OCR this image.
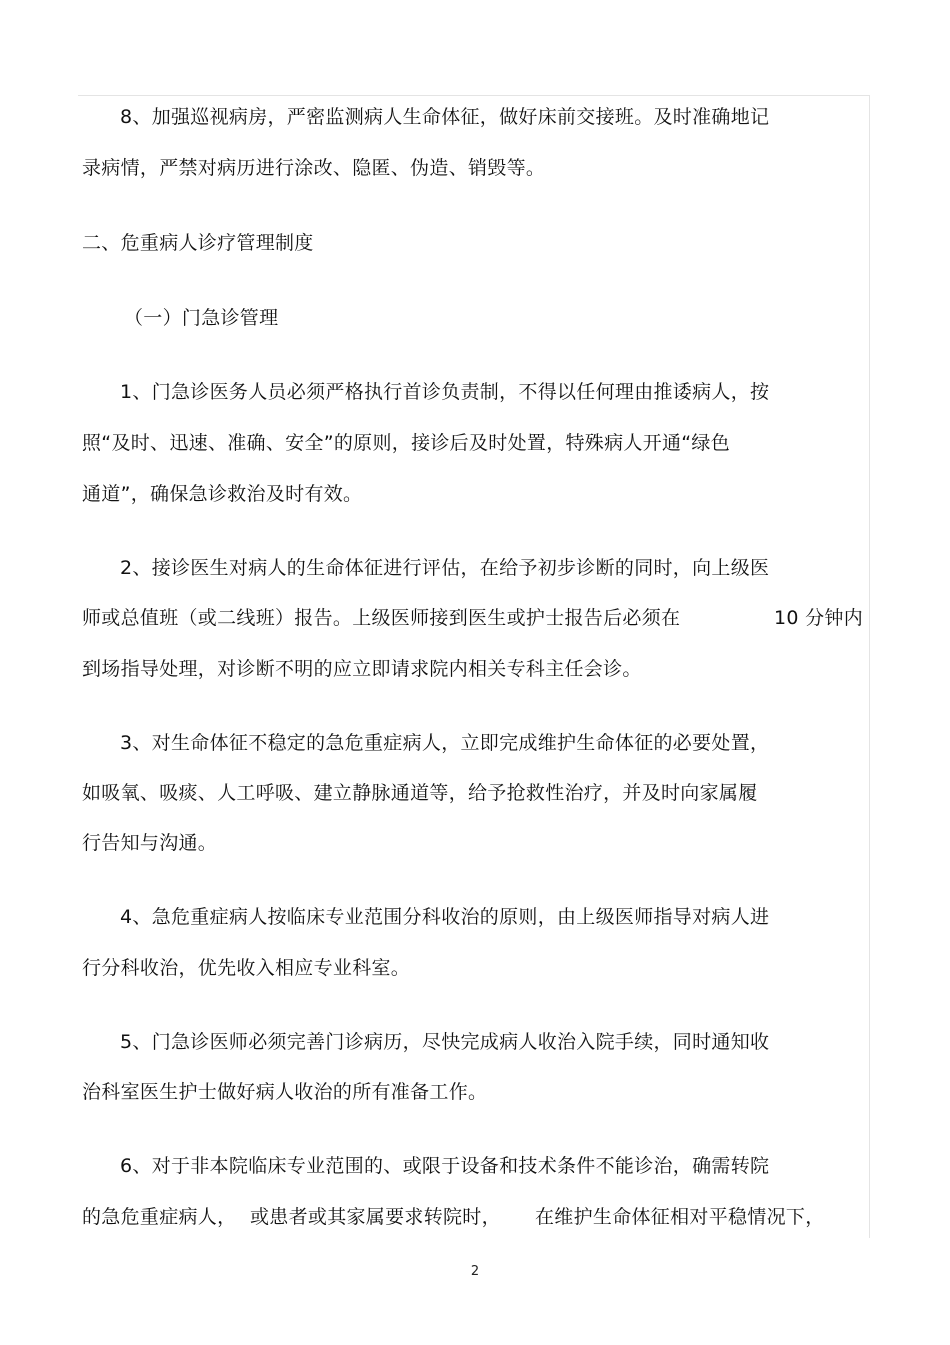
8、加强巡视病房，严密监测病人生命体征，做好床前交接班。及时准确地记
录病情，严禁对病历进行涂改、隐匿、伪造、销毁等。
二、危重病人诊疗管理制度
（一）门急诊管理
1、门急诊医务人员必须严格执行首诊负责制，不得以任何理由推诿病人，按
照“及时、迅速、准确、安全”的原则，接诊后及时处置，特殊病人开通“绿色
通道”，确保急诊救治及时有效。
2、接诊医生对病人的生命体征进行评估，在给予初步诊断的同时，向上级医
师或总值班（或二线班）报告。上级医师接到医生或护士报告后必须在	10 分钟内
到场指导处理，对诊断不明的应立即请求院内相关专科主任会诊。
3、对生命体征不稳定的急危重症病人，立即完成维护生命体征的必要处置，
如吸氧、吸痰、人工呼吸、建立静脉通道等，给予抢救性治疗，并及时向家属履
行告知与沟通。
4、急危重症病人按临床专业范围分科收治的原则，由上级医师指导对病人进
行分科收治，优先收入相应专业科室。
5、门急诊医师必须完善门诊病历，尽快完成病人收治入院手续，同时通知收
治科室医生护士做好病人收治的所有准备工作。
6、对于非本院临床专业范围的、或限于设备和技术条件不能诊治，确需转院
的急危重症病人， 或患者或其家属要求转院时， 在维护生命体征相对平稳情况下，
2
